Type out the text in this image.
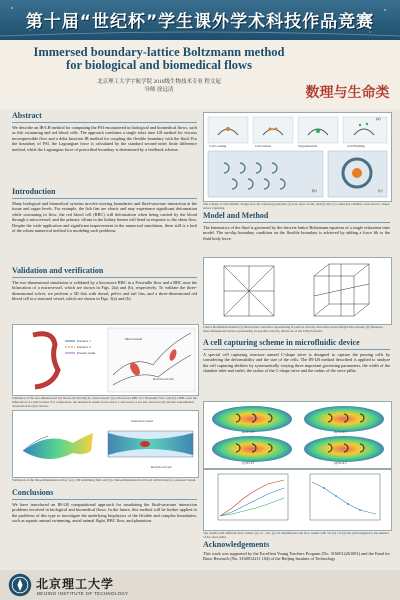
第十届“世纪杯”学生课外学术科技作品竞赛
Immersed boundary-lattice Boltzmann method
for biological and biomedical flows
数理与生命类
北京理工大学宇航学院 2010级生物技术专业 程文起
导师 徐远清
Abstract
We describe an IB-LB method for computing the FSI encountered in biological and biomedical flows, such as fish swimming and red blood cells. The approach combines a single relax time LB method for viscous incompressible flow and a delta function IB method for coupling the flexible boundary with the fluid. For the boundary of FSI, the Lagrangian force is calculated by the standard second-order finite difference method, while the Lagrangian force of prescribed boundary is determined by a feedback scheme.
Introduction
Many biological and biomedical systems involve moving boundaries and fluid-structure interaction at the tissue and organ levels. For example, the fish fins are elastic and may experience significant deformation while swimming in flow; the red blood cell (RBC) will deformation when being carried by the blood through a microvessel; and the primary cilium in the kidney lumen will bend in response to the shear flow. Despite the wide application and significant improvement in the numerical simulation, there still is a lack of the robust numerical method for modeling such problems.
Validation and verification
The two-dimensional simulation is validated by a biconcave RBC in a Poiseuille flow and a RBC near the bifurcation of a microvessel, which are shown in Figs. 2(a) and (b), respectively. To validate the three-dimensional solver, we perform a 3D fish with dorsal, pelvic and tail fins, and a three-dimensional red blood cell in a stenosed vessel, which are shown in Figs. 3(a) and (b).
Instance 1
Instance 2
Present result
Microvessel
Red blood cell
Validation of the two-dimensional red blood cell moving in a microvessel: (a) a biconcave RBC in a Poiseuille flow; and (b) a RBC near the bifurcation of a microvessel. For comparison, the numerical results from source 1 and source 2 are also shown in (a) and the experimental observation in (b) is shown.
Stenosed vessel
Red blood cell
Validation of the three-dimensional solver: (a) a 3D swimming fish; and (b) a three-dimensional red blood cell moving in a stenosed vessel.
Conclusions
We have introduced an IB-LB computational approach for simulating the fluid-structure interaction problems involved in biological and biomedical flows. In the future, this method will be further applied to the problems of this type to investigate the underlying biophysics of the flexible and complex boundaries, such as aquatic animal swimming, aerial animal flight, RBC flow, and phonation.
Cell Loading	Cell Culture	Trypsinization	Cell Flushing
(a)
(b)	(c)
The scheme of microfluidic design and cell capturing principle: (a) four steps of cell; and (b) and (c) a spherical chamber with seven C-shape sieves capturing.
Model and Method
The kinematics of the fluid is governed by the discrete lattice Boltzmann equation of a single relaxation time model. The no-slip boundary condition on the flexible boundary is achieved by adding a force fib to the fluid body force.
Lattice Boltzmann models: (a) Nine-lattice velocities representing D particle velocity directions in the D2Q9 lattice model; (b) Nineteen three-dimensional lattice representing 19 possible velocity directions of the D3Q19 model.
A cell capturing scheme in microfluidic device
A special cell capturing structure named C-shape sieve is designed to capture the passing cells by considering the deformability and the size of the cells. The IB-LB method described is applied to analyze the cell capturing abilities by systematically varying three important governing parameters, the width of the chamber inlet and outlet, the radius of the C-shape sieve and the radius of the sieve pillar.
(a) W=1.5	(b) W=2.5
(c) W=3.5	(d) W=4.5
The results with different sieve radius: (a) 1.0 - 4.0, (a) 3.0 distributions and flow results with 3.0 (b) 1.0; (b) the yield mapped to the number of the sieve pillar.
Acknowledgements
This work was supported by the Excellent Young Teachers Program (No. 3160012261001) and the Fund for Basic Research (No. 3160012211 104) of the Beijing Institute of Technology
北京理工大学
BEIJING INSTITUTE OF TECHNOLOGY
